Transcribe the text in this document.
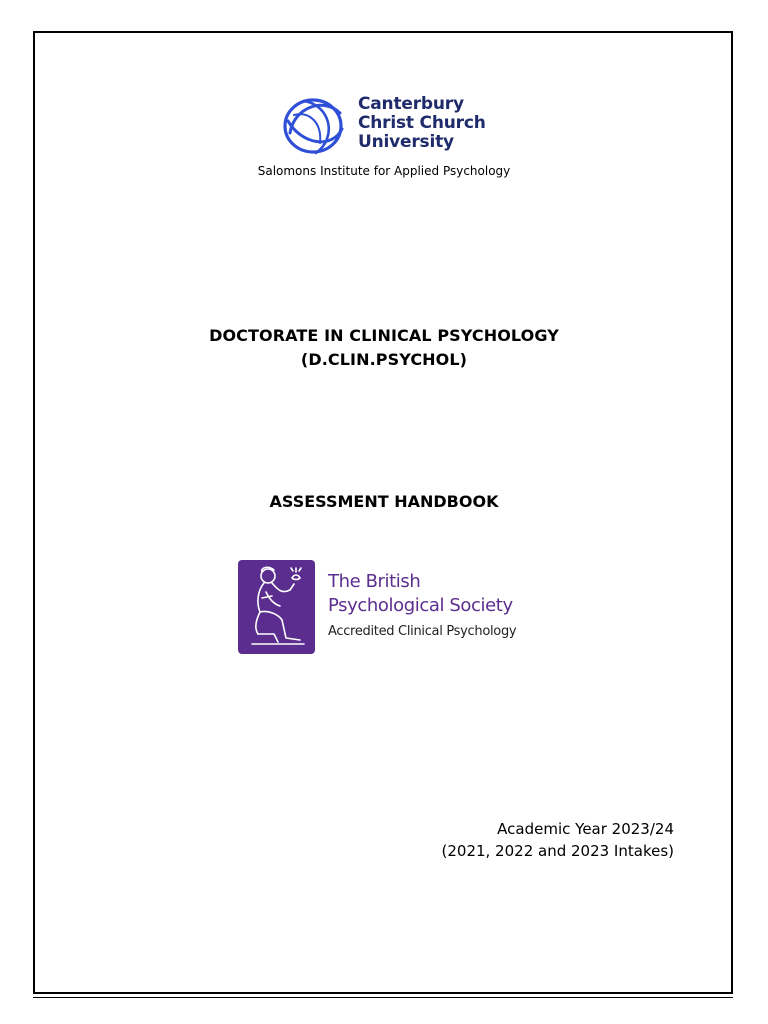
Canterbury
Christ Church
University
Salomons Institute for Applied Psychology
DOCTORATE IN CLINICAL PSYCHOLOGY
(D.CLIN.PSYCHOL)
ASSESSMENT HANDBOOK
The British
Psychological Society
Accredited Clinical Psychology
Academic Year 2023/24
(2021, 2022 and 2023 Intakes)
